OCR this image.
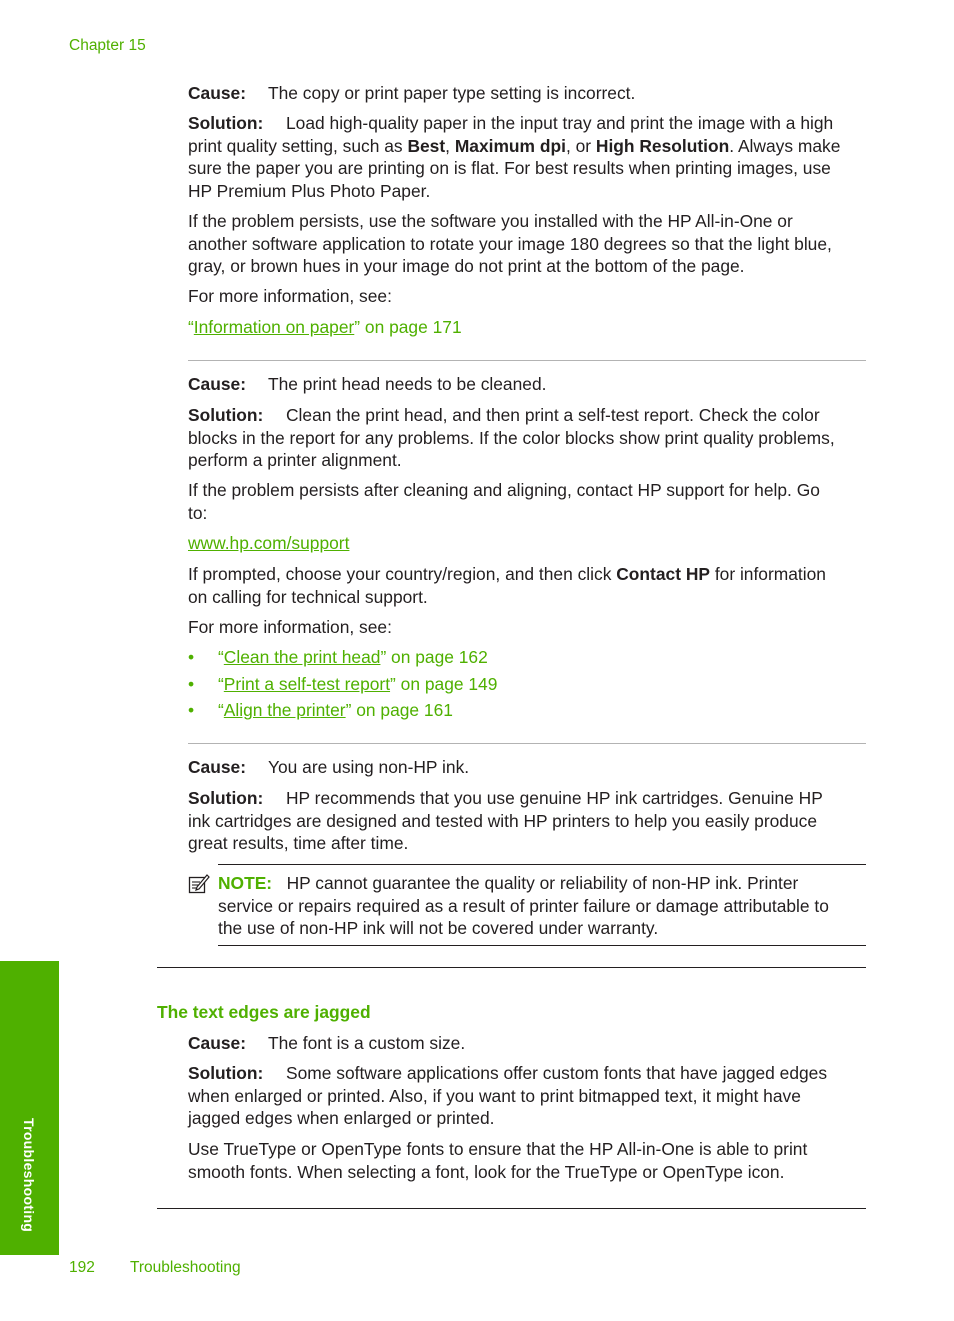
Chapter 15
Cause: The copy or print paper type setting is incorrect.
Solution: Load high-quality paper in the input tray and print the image with a high
print quality setting, such as Best, Maximum dpi, or High Resolution. Always make
sure the paper you are printing on is flat. For best results when printing images, use
HP Premium Plus Photo Paper.
If the problem persists, use the software you installed with the HP All-in-One or
another software application to rotate your image 180 degrees so that the light blue,
gray, or brown hues in your image do not print at the bottom of the page.
For more information, see:
“Information on paper” on page 171
Cause: The print head needs to be cleaned.
Solution: Clean the print head, and then print a self-test report. Check the color
blocks in the report for any problems. If the color blocks show print quality problems,
perform a printer alignment.
If the problem persists after cleaning and aligning, contact HP support for help. Go
to:
www.hp.com/support
If prompted, choose your country/region, and then click Contact HP for information
on calling for technical support.
For more information, see:
• “Clean the print head” on page 162
• “Print a self-test report” on page 149
• “Align the printer” on page 161
Cause: You are using non-HP ink.
Solution: HP recommends that you use genuine HP ink cartridges. Genuine HP
ink cartridges are designed and tested with HP printers to help you easily produce
great results, time after time.
NOTE: HP cannot guarantee the quality or reliability of non-HP ink. Printer
service or repairs required as a result of printer failure or damage attributable to
the use of non-HP ink will not be covered under warranty.
The text edges are jagged
Cause: The font is a custom size.
Solution: Some software applications offer custom fonts that have jagged edges
when enlarged or printed. Also, if you want to print bitmapped text, it might have
jagged edges when enlarged or printed.
Use TrueType or OpenType fonts to ensure that the HP All-in-One is able to print
smooth fonts. When selecting a font, look for the TrueType or OpenType icon.
Troubleshooting
192 Troubleshooting
